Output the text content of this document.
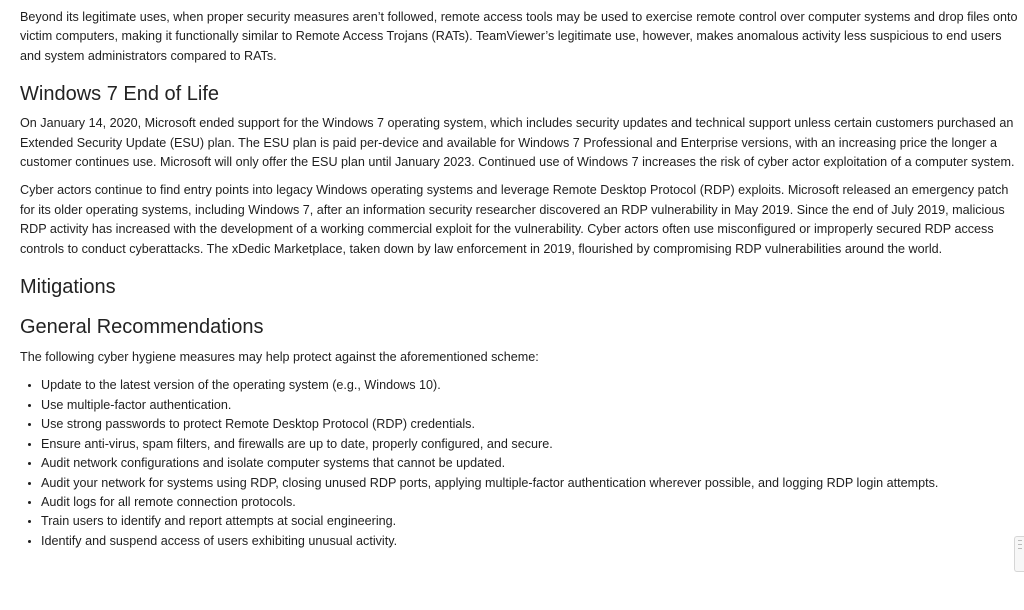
Beyond its legitimate uses, when proper security measures aren’t followed, remote access tools may be used to exercise remote control over computer systems and drop files onto victim computers, making it functionally similar to Remote Access Trojans (RATs). TeamViewer’s legitimate use, however, makes anomalous activity less suspicious to end users and system administrators compared to RATs.

Windows 7 End of Life

On January 14, 2020, Microsoft ended support for the Windows 7 operating system, which includes security updates and technical support unless certain customers purchased an Extended Security Update (ESU) plan. The ESU plan is paid per-device and available for Windows 7 Professional and Enterprise versions, with an increasing price the longer a customer continues use. Microsoft will only offer the ESU plan until January 2023. Continued use of Windows 7 increases the risk of cyber actor exploitation of a computer system.

Cyber actors continue to find entry points into legacy Windows operating systems and leverage Remote Desktop Protocol (RDP) exploits. Microsoft released an emergency patch for its older operating systems, including Windows 7, after an information security researcher discovered an RDP vulnerability in May 2019. Since the end of July 2019, malicious RDP activity has increased with the development of a working commercial exploit for the vulnerability. Cyber actors often use misconfigured or improperly secured RDP access controls to conduct cyberattacks. The xDedic Marketplace, taken down by law enforcement in 2019, flourished by compromising RDP vulnerabilities around the world.

Mitigations
General Recommendations

The following cyber hygiene measures may help protect against the aforementioned scheme:

• Update to the latest version of the operating system (e.g., Windows 10).
• Use multiple-factor authentication.
• Use strong passwords to protect Remote Desktop Protocol (RDP) credentials.
• Ensure anti-virus, spam filters, and firewalls are up to date, properly configured, and secure.
• Audit network configurations and isolate computer systems that cannot be updated.
• Audit your network for systems using RDP, closing unused RDP ports, applying multiple-factor authentication wherever possible, and logging RDP login attempts.
• Audit logs for all remote connection protocols.
• Train users to identify and report attempts at social engineering.
• Identify and suspend access of users exhibiting unusual activity.
